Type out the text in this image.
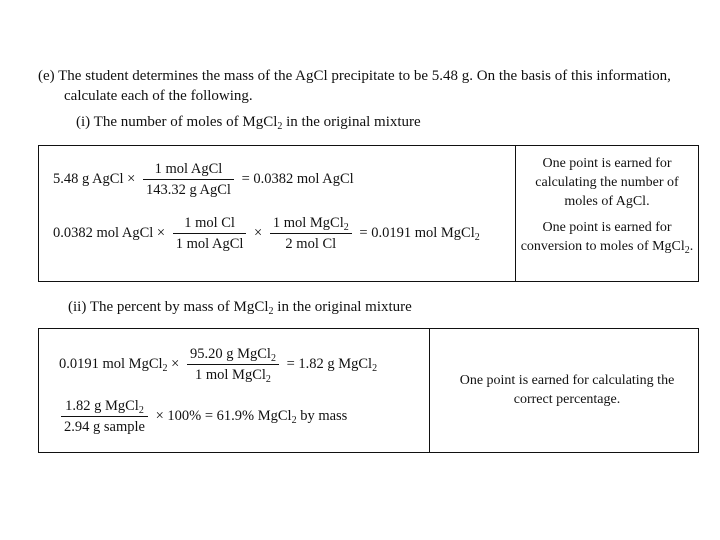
(e) The student determines the mass of the AgCl precipitate to be 5.48 g. On the basis of this information,
calculate each of the following.
(i) The number of moles of MgCl$_2$ in the original mixture
5.48 g AgCl × $\frac{\text{1 mol AgCl}}{\text{143.32 g AgCl}} = 0.0382$ mol AgCl
0.0382 mol AgCl × $\frac{\text{1 mol Cl}}{\text{1 mol AgCl}} \times \frac{1 mol MgCl_2}{\text{2 mol Cl}} = 0.0191$ mol MgCl$_2$
One point is earned for calculating the number of moles of AgCl.
One point is earned for conversion to moles of MgCl$_2$.
(ii) The percent by mass of MgCl$_2$ in the original mixture
0.0191 mol MgCl$_2$ × $\frac{95.20 g MgCl_2}{1 mol MgCl_2} = 1.82$ g MgCl$_2$
$\frac{1.82 g MgCl_2}{\text{2.94 g sample}} \times 100\% = 61.9\%$ MgCl$_2$ by mass
One point is earned for calculating the correct percentage.
